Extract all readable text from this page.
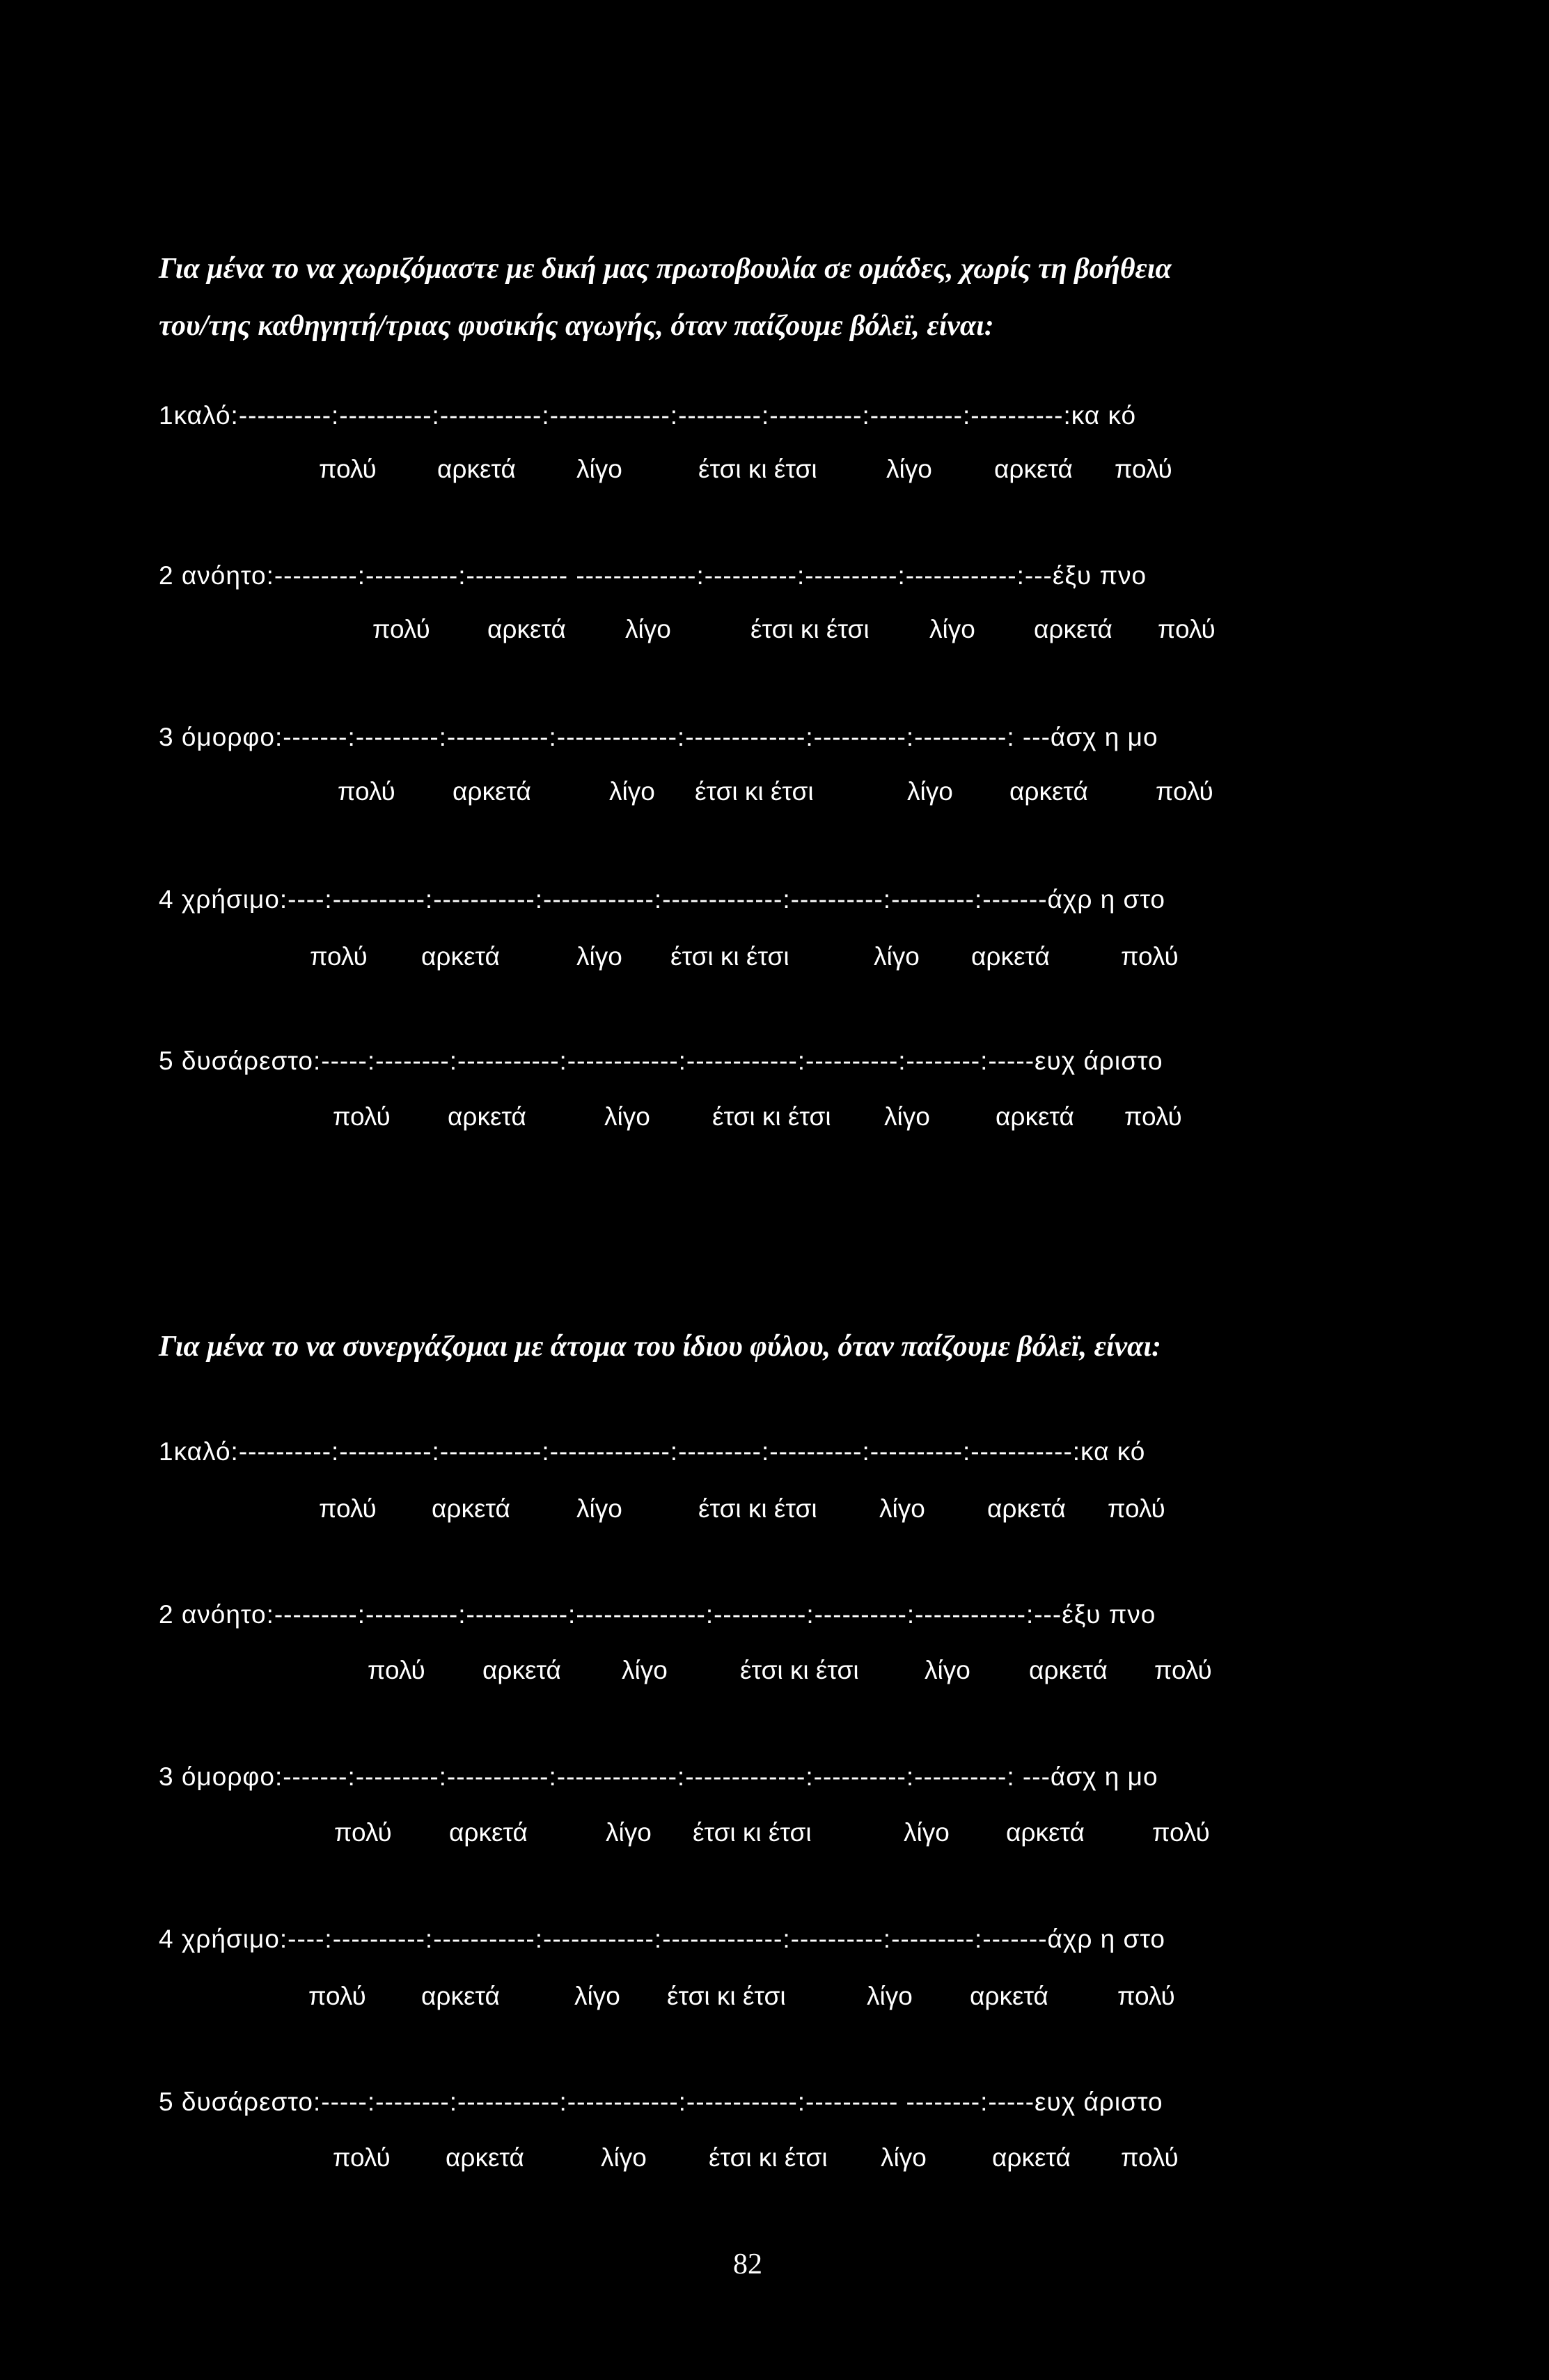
Για μένα το να χωριζόμαστε με δική μας πρωτοβουλία σε ομάδες, χωρίς τη βοήθεια
του/της καθηγητή/τριας φυσικής αγωγής, όταν παίζουμε βόλεϊ, είναι:
1καλό:----------:----------:-----------:-------------:---------:----------:----------:----------:κα κό
πολύ αρκετά λίγο	έτσι κι έτσι	λίγο αρκετά πολύ
2 ανόητο:---------:----------:----------- -------------:----------:----------:------------:---έξυ πνο
πολύ αρκετά λίγο	έτσι κι έτσι λίγο αρκετά πολύ
3 όμορφο:-------:---------:-----------:-------------:-------------:----------:----------: ---άσχ η μο
πολύ αρκετά	λίγο έτσι κι έτσι	λίγο αρκετά	πολύ
4 χρήσιμο:----:----------:-----------:------------:-------------:----------:---------:-------άχρ η στο
πολύ αρκετά	λίγο έτσι κι έτσι	λίγο αρκετά	πολύ
5 δυσάρεστο:-----:--------:-----------:------------:------------:----------:--------:-----ευχ άριστο
πολύ αρκετά	λίγο έτσι κι έτσι λίγο	αρκετά πολύ
Για μένα το να συνεργάζομαι με άτομα του ίδιου φύλου, όταν παίζουμε βόλεϊ, είναι:
1καλό:----------:----------:-----------:-------------:---------:----------:----------:-----------:κα κό
πολύ αρκετά	λίγο	έτσι κι έτσι λίγο αρκετά πολύ
2 ανόητο:---------:----------:-----------:--------------:----------:----------:------------:---έξυ πνο
πολύ αρκετά λίγο	έτσι κι έτσι	λίγο αρκετά πολύ
3 όμορφο:-------:---------:-----------:-------------:-------------:----------:----------: ---άσχ η μο
πολύ αρκετά	λίγο έτσι κι έτσι	λίγο αρκετά	πολύ
4 χρήσιμο:----:----------:-----------:------------:-------------:----------:---------:-------άχρ η στο
πολύ αρκετά	λίγο έτσι κι έτσι	λίγο αρκετά	πολύ
5 δυσάρεστο:-----:--------:-----------:------------:------------:---------- --------:-----ευχ άριστο
πολύ αρκετά	λίγο έτσι κι έτσι λίγο	αρκετά πολύ
82
